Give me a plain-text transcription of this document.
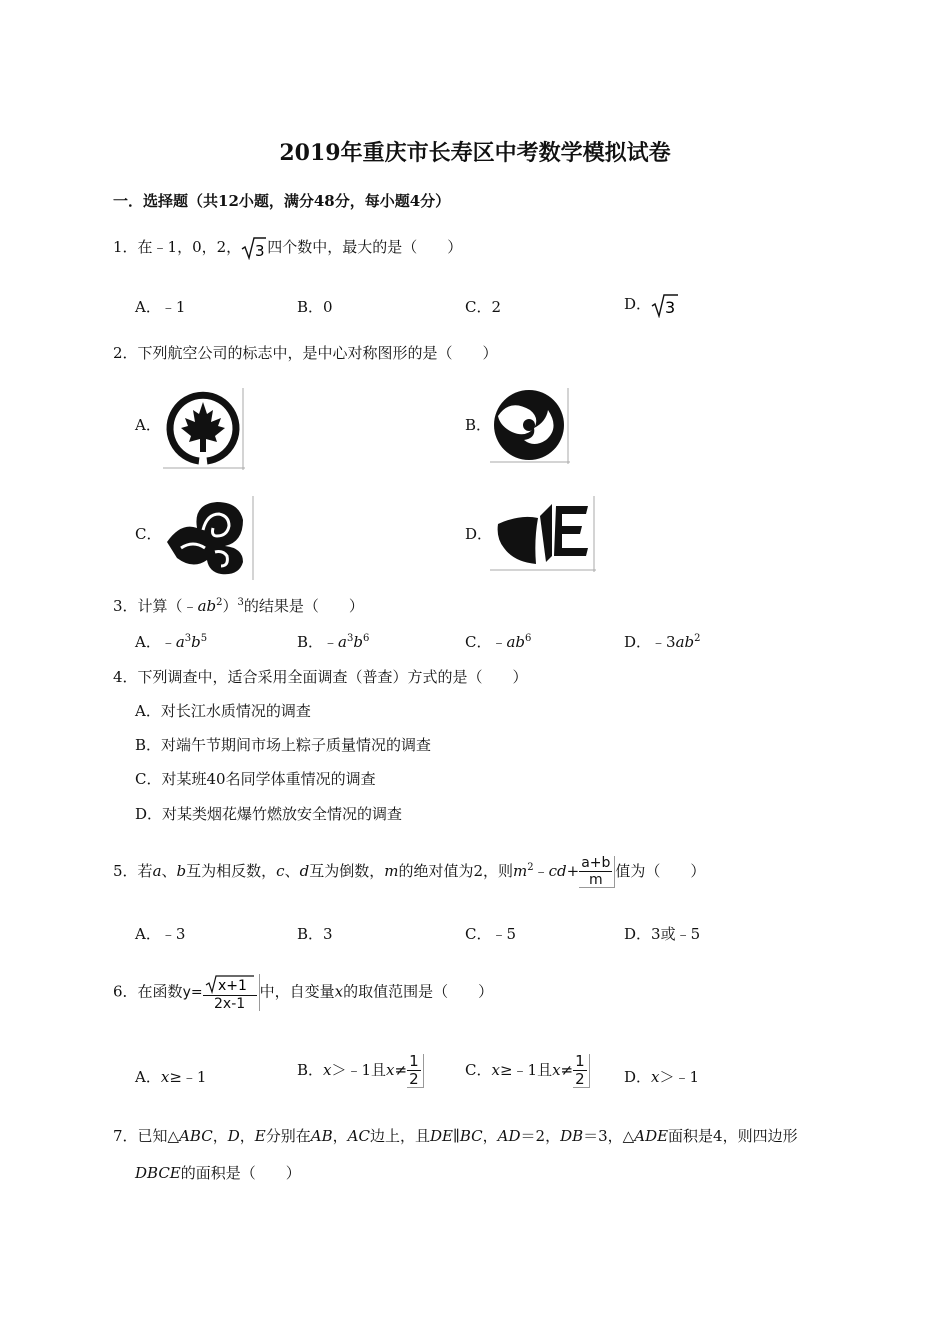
2019年重庆市长寿区中考数学模拟试卷
一．选择题（共12小题，满分48分，每小题4分）
1．在﹣1，0，2， 3 四个数中，最大的是（　　）
A．﹣1	B．0	C．2	D． 3
2．下列航空公司的标志中，是中心对称图形的是（　　）
A．	B．
C．	D．
3．计算$(﹣ab^2)^3$的结果是（　　）
A．$﹣a^3b^5$	B．$﹣a^3b^6$	C．$﹣ab^6$	D．$﹣3ab^2$
4．下列调查中，适合采用全面调查（普查）方式的是（　　）
A．对长江水质情况的调查
B．对端午节期间市场上粽子质量情况的调查
C．对某班40名同学体重情况的调查
D．对某类烟花爆竹燃放安全情况的调查
5．若a、b互为相反数，c、d互为倒数，m的绝对值为2，则$m^2﹣cd+ \frac{a+b}{m}$ 值为（　　）
A．﹣3	B．3	C．﹣5	D．3或﹣5
6．在函数$y= \frac{x+1}{2x-1}$ 中，自变量x的取值范围是（　　）
A．x≥﹣1	B．x＞﹣1且$x\ne \frac{1}{2}$	C．x≥﹣1且$x\ne \frac{1}{2}$ D．x＞﹣1
7．已知△ABC，D，E分别在AB，AC边上，且DE∥BC，AD＝2，DB＝3，△ADE面积是4，则四边形
DBCE的面积是（　　）
